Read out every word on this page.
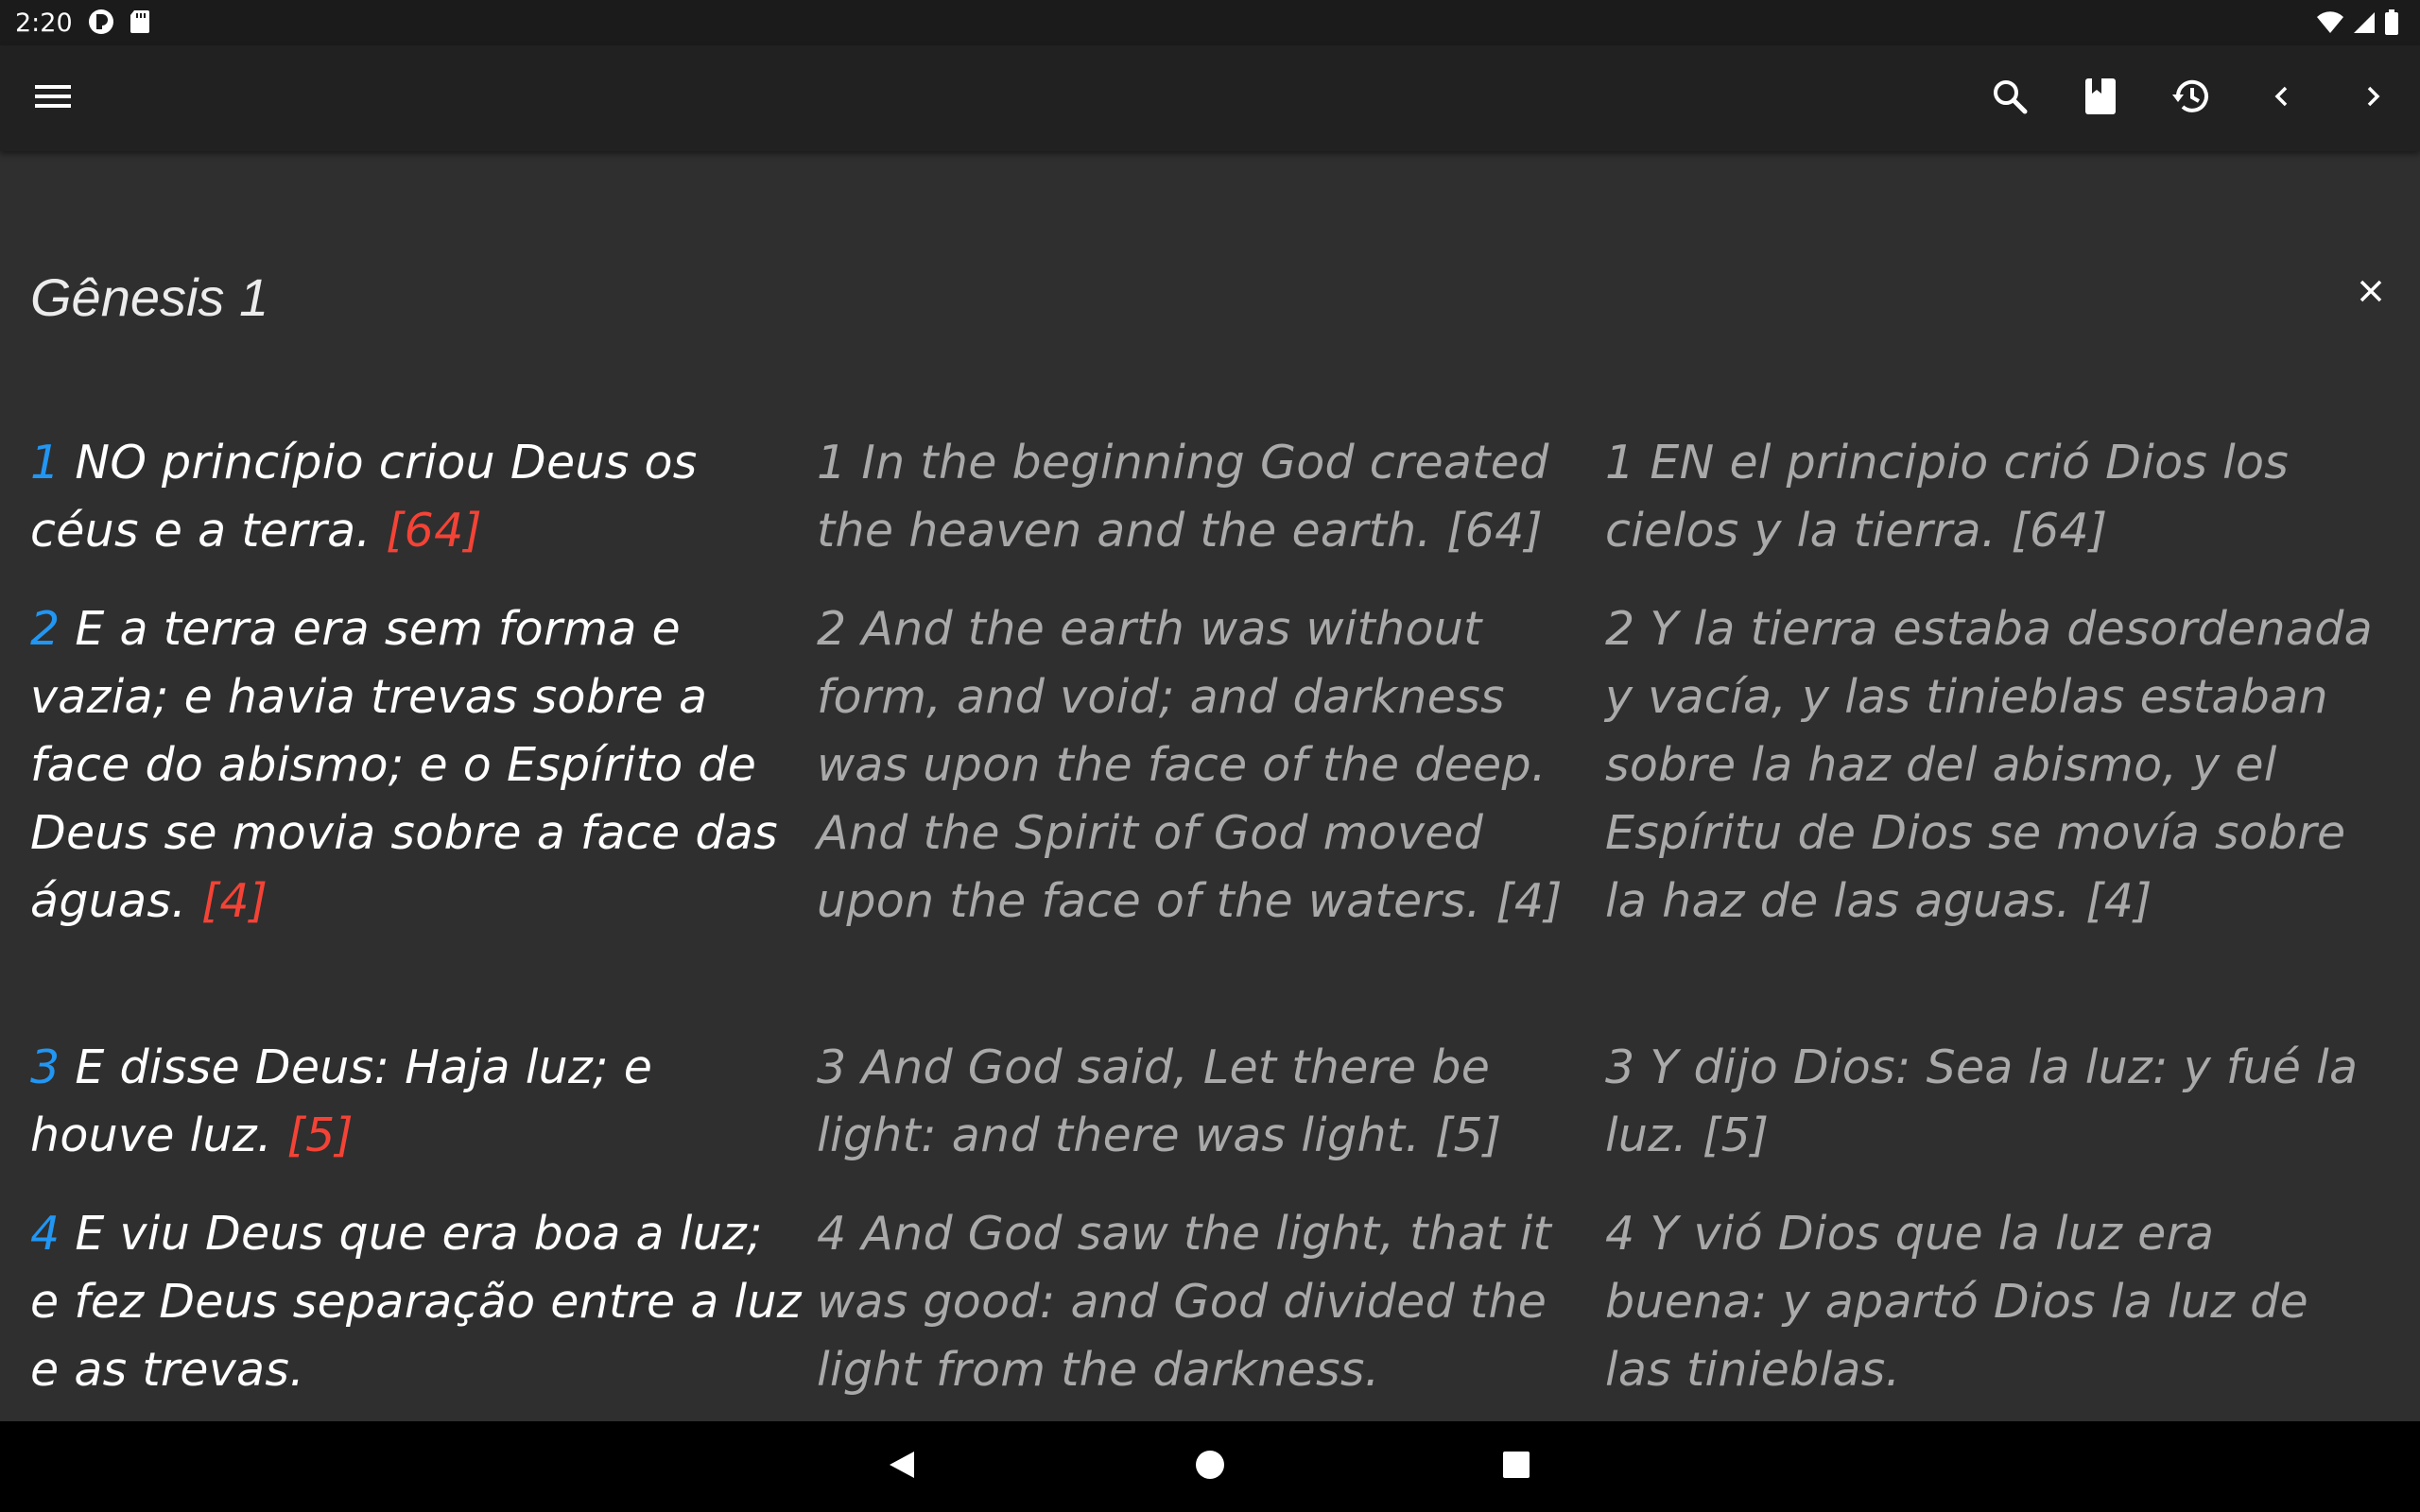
2:20
Gênesis 1

1 NO princípio criou Deus os céus e a terra. [64]

2 E a terra era sem forma e vazia; e havia trevas sobre a face do abismo; e o Espírito de Deus se movia sobre a face das águas. [4]

3 E disse Deus: Haja luz; e houve luz. [5]

4 E viu Deus que era boa a luz; e fez Deus separação entre a luz e as trevas.

1 In the beginning God created the heaven and the earth. [64]

2 And the earth was without form, and void; and darkness was upon the face of the deep. And the Spirit of God moved upon the face of the waters. [4]

3 And God said, Let there be light: and there was light. [5]

4 And God saw the light, that it was good: and God divided the light from the darkness.

1 EN el principio crió Dios los cielos y la tierra. [64]

2 Y la tierra estaba desordenada y vacía, y las tinieblas estaban sobre la haz del abismo, y el Espíritu de Dios se movía sobre la haz de las aguas. [4]

3 Y dijo Dios: Sea la luz: y fué la luz. [5]

4 Y vió Dios que la luz era buena: y apartó Dios la luz de las tinieblas.
